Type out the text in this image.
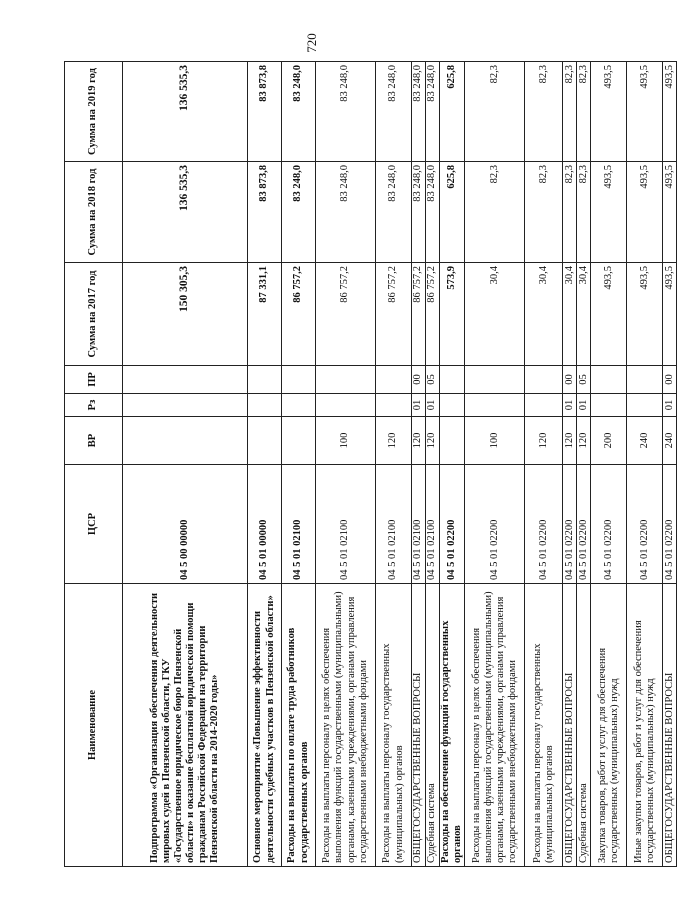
720
Наименование	ЦСР	ВР	Рз	ПР	Сумма на 2017 год	Сумма на 2018 год	Сумма на 2019 год
Подпрограмма «Организация обеспечения деятельности мировых судей в Пензенской области, ГКУ «Государственное юридическое бюро Пензенской области» и оказание бесплатной юридической помощи гражданам Российской Федерации на территории Пензенской области на 2014-2020 годы»	04 5 00 00000				150 305,3	136 535,3	136 535,3
Основное мероприятие «Повышение эффективности деятельности судебных участков в Пензенской области»	04 5 01 00000				87 331,1	83 873,8	83 873,8
Расходы на выплаты по оплате труда работников государственных органов	04 5 01 02100				86 757,2	83 248,0	83 248,0
Расходы на выплаты персоналу в целях обеспечения выполнения функций государственными (муниципальными) органами, казенными учреждениями, органами управления государственными внебюджетными фондами	04 5 01 02100	100			86 757,2	83 248,0	83 248,0
Расходы на выплаты персоналу государственных (муниципальных) органов	04 5 01 02100	120			86 757,2	83 248,0	83 248,0
ОБЩЕГОСУДАРСТВЕННЫЕ ВОПРОСЫ	04 5 01 02100	120	01	00	86 757,2	83 248,0	83 248,0
Судебная система	04 5 01 02100	120	01	05	86 757,2	83 248,0	83 248,0
Расходы на обеспечение функций государственных органов	04 5 01 02200				573,9	625,8	625,8
Расходы на выплаты персоналу в целях обеспечения выполнения функций государственными (муниципальными) органами, казенными учреждениями, органами управления государственными внебюджетными фондами	04 5 01 02200	100			30,4	82,3	82,3
Расходы на выплаты персоналу государственных (муниципальных) органов	04 5 01 02200	120			30,4	82,3	82,3
ОБЩЕГОСУДАРСТВЕННЫЕ ВОПРОСЫ	04 5 01 02200	120	01	00	30,4	82,3	82,3
Судебная система	04 5 01 02200	120	01	05	30,4	82,3	82,3
Закупка товаров, работ и услуг для обеспечения государственных (муниципальных) нужд	04 5 01 02200	200			493,5	493,5	493,5
Иные закупки товаров, работ и услуг для обеспечения государственных (муниципальных) нужд	04 5 01 02200	240			493,5	493,5	493,5
ОБЩЕГОСУДАРСТВЕННЫЕ ВОПРОСЫ	04 5 01 02200	240	01	00	493,5	493,5	493,5
